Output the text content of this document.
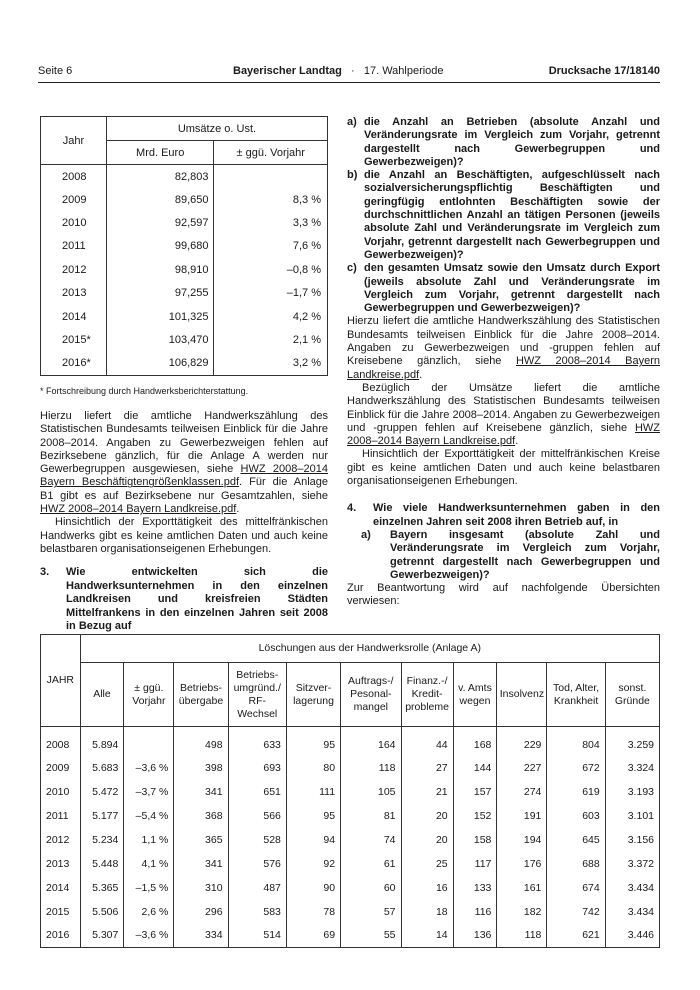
Seite 6	Bayerischer Landtag · 17. Wahlperiode	Drucksache 17/18140
Jahr	Umsätze o. Ust.	
	Mrd. Euro	± ggü. Vorjahr
2008	82,803	
2009	89,650	8,3 %
2010	92,597	3,3 %
2011	99,680	7,6 %
2012	98,910	–0,8 %
2013	97,255	–1,7 %
2014	101,325	4,2 %
2015*	103,470	2,1 %
2016*	106,829	3,2 %
* Fortschreibung durch Handwerksberichterstattung.

Hierzu liefert die amtliche Handwerkszählung des Statistischen Bundesamts teilweisen Einblick für die Jahre 2008–2014. Angaben zu Gewerbezweigen fehlen auf Bezirksebene gänzlich, für die Anlage A werden nur Gewerbegruppen ausgewiesen, siehe HWZ 2008–2014 Bayern Beschäftigtengrößenklassen.pdf. Für die Anlage B1 gibt es auf Bezirksebene nur Gesamtzahlen, siehe HWZ 2008–2014 Bayern Landkreise.pdf.

Hinsichtlich der Exporttätigkeit des mittelfränkischen Handwerks gibt es keine amtlichen Daten und auch keine belastbaren organisationseigenen Erhebungen.

3. Wie entwickelten sich die Handwerksunternehmen in den einzelnen Landkreisen und kreisfreien Städten Mittelfrankens in den einzelnen Jahren seit 2008 in Bezug auf
a) die Anzahl an Betrieben (absolute Anzahl und Veränderungsrate im Vergleich zum Vorjahr, getrennt dargestellt nach Gewerbegruppen und Gewerbezweigen)?
b) die Anzahl an Beschäftigten, aufgeschlüsselt nach sozialversicherungspflichtig Beschäftigten und geringfügig entlohnten Beschäftigten sowie der durchschnittlichen Anzahl an tätigen Personen (jeweils absolute Zahl und Veränderungsrate im Vergleich zum Vorjahr, getrennt dargestellt nach Gewerbegruppen und Gewerbezweigen)?
c) den gesamten Umsatz sowie den Umsatz durch Export (jeweils absolute Zahl und Veränderungsrate im Vergleich zum Vorjahr, getrennt dargestellt nach Gewerbegruppen und Gewerbezweigen)?

Hierzu liefert die amtliche Handwerkszählung des Statistischen Bundesamts teilweisen Einblick für die Jahre 2008–2014. Angaben zu Gewerbezweigen und -gruppen fehlen auf Kreisebene gänzlich, siehe HWZ 2008–2014 Bayern Landkreise.pdf.

Bezüglich der Umsätze liefert die amtliche Handwerkszählung des Statistischen Bundesamts teilweisen Einblick für die Jahre 2008–2014. Angaben zu Gewerbezweigen und -gruppen fehlen auf Kreisebene gänzlich, siehe HWZ 2008–2014 Bayern Landkreise.pdf.

Hinsichtlich der Exporttätigkeit der mittelfränkischen Kreise gibt es keine amtlichen Daten und auch keine belastbaren organisationseigenen Erhebungen.

4. Wie viele Handwerksunternehmen gaben in den einzelnen Jahren seit 2008 ihren Betrieb auf, in
a) Bayern insgesamt (absolute Zahl und Veränderungsrate im Vergleich zum Vorjahr, getrennt dargestellt nach Gewerbegruppen und Gewerbezweigen)?

Zur Beantwortung wird auf nachfolgende Übersichten verwiesen:

JAHR	Löschungen aus der Handwerksrolle (Anlage A)										
	Alle	± ggü. Vorjahr	Betriebs-übergabe	Betriebs-umgründ./ RF-Wechsel	Sitzver-lagerung	Auftrags-/ Pesonal-mangel	Finanz.-/ Kredit-probleme	v. Amts wegen	Insolvenz	Tod, Alter, Krankheit	sonst. Gründe
2008	5.894		498	633	95	164	44	168	229	804	3.259
2009	5.683	–3,6 %	398	693	80	118	27	144	227	672	3.324
2010	5.472	–3,7 %	341	651	111	105	21	157	274	619	3.193
2011	5.177	–5,4 %	368	566	95	81	20	152	191	603	3.101
2012	5.234	1,1 %	365	528	94	74	20	158	194	645	3.156
2013	5.448	4,1 %	341	576	92	61	25	117	176	688	3.372
2014	5.365	–1,5 %	310	487	90	60	16	133	161	674	3.434
2015	5.506	2,6 %	296	583	78	57	18	116	182	742	3.434
2016	5.307	–3,6 %	334	514	69	55	14	136	118	621	3.446
